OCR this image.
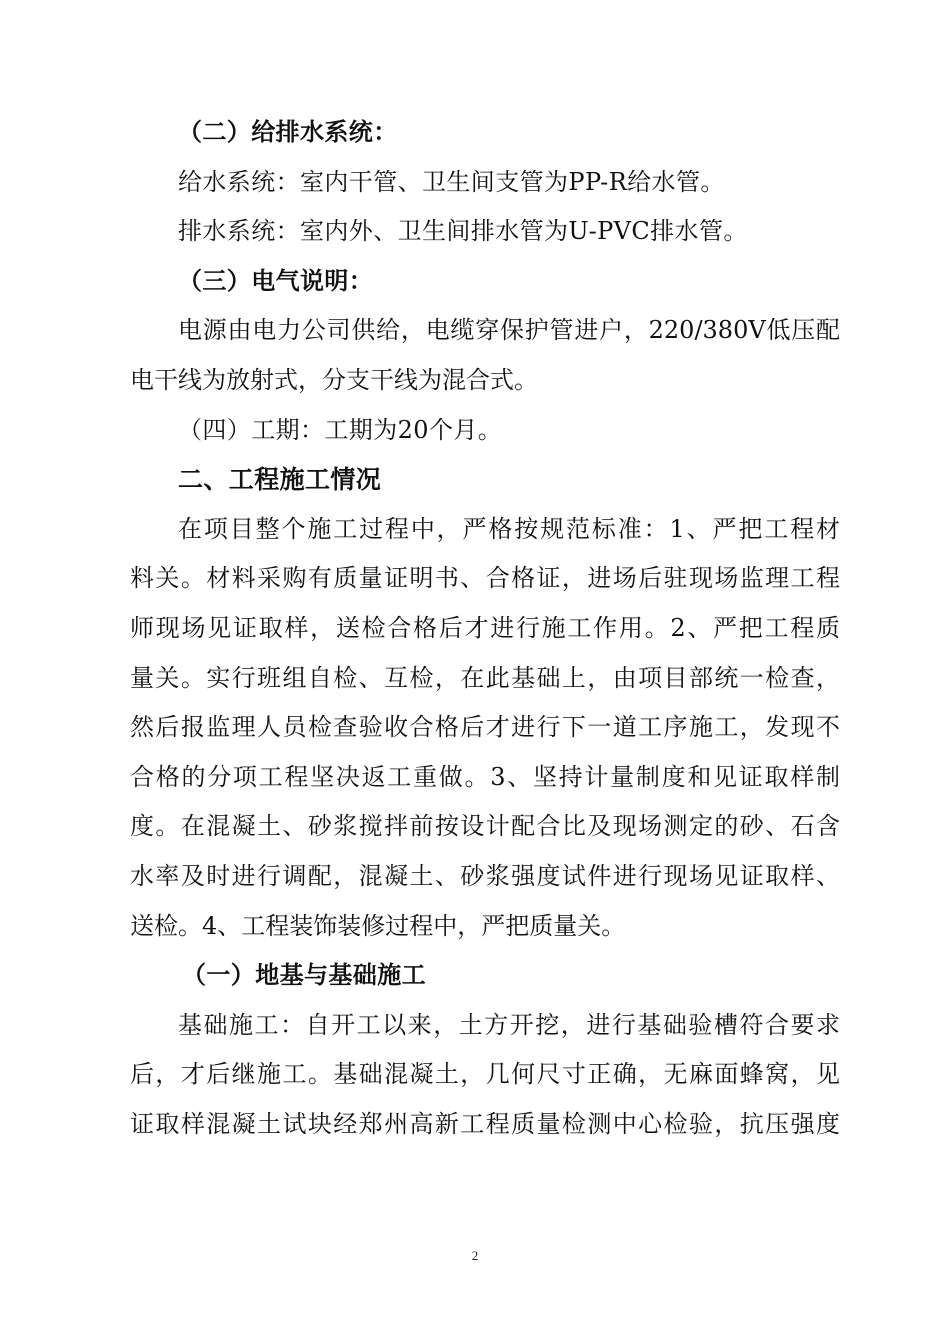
（二）给排水系统：
给水系统：室内干管、卫生间支管为PP-R给水管。
排水系统：室内外、卫生间排水管为U-PVC排水管。
（三）电气说明：
电源由电力公司供给，电缆穿保护管进户，220/380V低压配
电干线为放射式，分支干线为混合式。
（四）工期：工期为20个月。
二、工程施工情况
在项目整个施工过程中，严格按规范标准：1、严把工程材
料关。材料采购有质量证明书、合格证，进场后驻现场监理工程
师现场见证取样，送检合格后才进行施工作用。2、严把工程质
量关。实行班组自检、互检，在此基础上，由项目部统一检查，
然后报监理人员检查验收合格后才进行下一道工序施工，发现不
合格的分项工程坚决返工重做。3、坚持计量制度和见证取样制
度。在混凝土、砂浆搅拌前按设计配合比及现场测定的砂、石含
水率及时进行调配，混凝土、砂浆强度试件进行现场见证取样、
送检。4、工程装饰装修过程中，严把质量关。
（一）地基与基础施工
基础施工：自开工以来，土方开挖，进行基础验槽符合要求
后，才后继施工。基础混凝土，几何尺寸正确，无麻面蜂窝，见
证取样混凝土试块经郑州高新工程质量检测中心检验，抗压强度
2
